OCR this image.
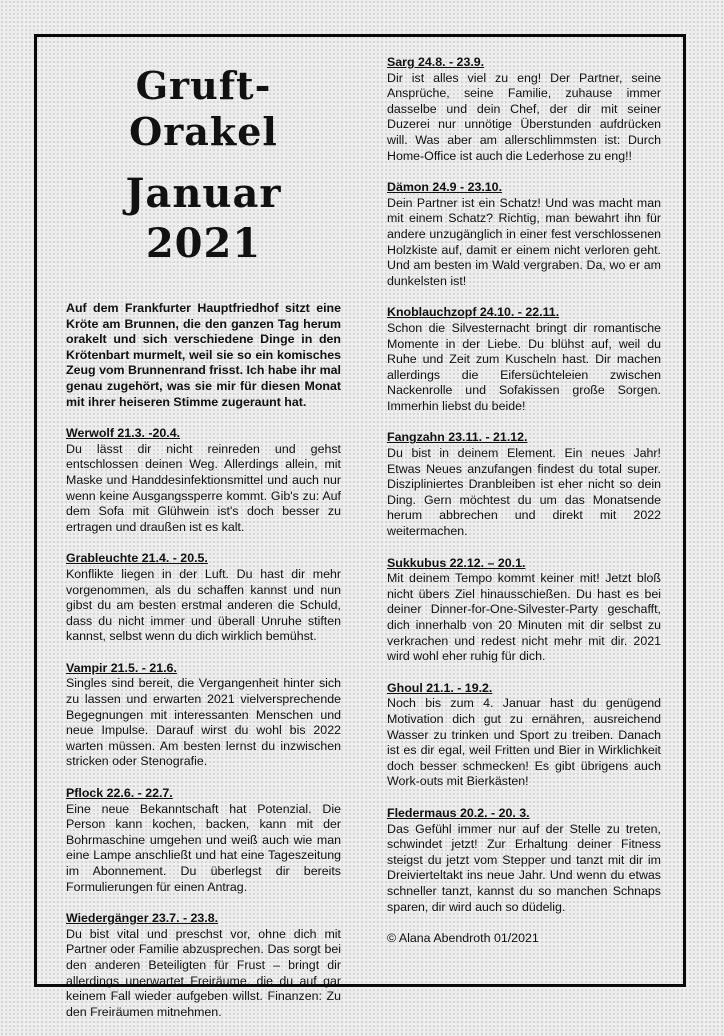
Gruft-Orakel
Januar 2021

Auf dem Frankfurter Hauptfriedhof sitzt eine Kröte am Brunnen, die den ganzen Tag herum orakelt und sich verschiedene Dinge in den Krötenbart murmelt, weil sie so ein komisches Zeug vom Brunnenrand frisst. Ich habe ihr mal genau zugehört, was sie mir für diesen Monat mit ihrer heiseren Stimme zugeraunt hat.

Werwolf 21.3. -20.4.

Du lässt dir nicht reinreden und gehst entschlossen deinen Weg. Allerdings allein, mit Maske und Handdesinfektionsmittel und auch nur wenn keine Ausgangssperre kommt. Gib's zu: Auf dem Sofa mit Glühwein ist's doch besser zu ertragen und draußen ist es kalt.

Grableuchte 21.4. - 20.5.

Konflikte liegen in der Luft. Du hast dir mehr vorgenommen, als du schaffen kannst und nun gibst du am besten erstmal anderen die Schuld, dass du nicht immer und überall Unruhe stiften kannst, selbst wenn du dich wirklich bemühst.

Vampir 21.5. - 21.6.

Singles sind bereit, die Vergangenheit hinter sich zu lassen und erwarten 2021 vielversprechende Begegnungen mit interessanten Menschen und neue Impulse. Darauf wirst du wohl bis 2022 warten müssen. Am besten lernst du inzwischen stricken oder Stenografie.

Pflock 22.6. - 22.7.

Eine neue Bekanntschaft hat Potenzial. Die Person kann kochen, backen, kann mit der Bohrmaschine umgehen und weiß auch wie man eine Lampe anschließt und hat eine Tageszeitung im Abonnement. Du überlegst dir bereits Formulierungen für einen Antrag.

Wiedergänger 23.7. - 23.8.

Du bist vital und preschst vor, ohne dich mit Partner oder Familie abzusprechen. Das sorgt bei den anderen Beteiligten für Frust – bringt dir allerdings unerwartet Freiräume, die du auf gar keinem Fall wieder aufgeben willst. Finanzen: Zu den Freiräumen mitnehmen.

Sarg 24.8. - 23.9.

Dir ist alles viel zu eng! Der Partner, seine Ansprüche, seine Familie, zuhause immer dasselbe und dein Chef, der dir mit seiner Duzerei nur unnötige Überstunden aufdrücken will. Was aber am allerschlimmsten ist: Durch Home-Office ist auch die Lederhose zu eng!!

Dämon 24.9 - 23.10.

Dein Partner ist ein Schatz! Und was macht man mit einem Schatz? Richtig, man bewahrt ihn für andere unzugänglich in einer fest verschlossenen Holzkiste auf, damit er einem nicht verloren geht. Und am besten im Wald vergraben. Da, wo er am dunkelsten ist!

Knoblauchzopf 24.10. - 22.11.

Schon die Silvesternacht bringt dir romantische Momente in der Liebe. Du blühst auf, weil du Ruhe und Zeit zum Kuscheln hast. Dir machen allerdings die Eifersüchteleien zwischen Nackenrolle und Sofakissen große Sorgen. Immerhin liebst du beide!

Fangzahn 23.11. - 21.12.

Du bist in deinem Element. Ein neues Jahr! Etwas Neues anzufangen findest du total super. Diszipliniertes Dranbleiben ist eher nicht so dein Ding. Gern möchtest du um das Monatsende herum abbrechen und direkt mit 2022 weitermachen.

Sukkubus 22.12. – 20.1.

Mit deinem Tempo kommt keiner mit! Jetzt bloß nicht übers Ziel hinausschießen. Du hast es bei deiner Dinner-for-One-Silvester-Party geschafft, dich innerhalb von 20 Minuten mit dir selbst zu verkrachen und redest nicht mehr mit dir. 2021 wird wohl eher ruhig für dich.

Ghoul 21.1. - 19.2.

Noch bis zum 4. Januar hast du genügend Motivation dich gut zu ernähren, ausreichend Wasser zu trinken und Sport zu treiben. Danach ist es dir egal, weil Fritten und Bier in Wirklichkeit doch besser schmecken! Es gibt übrigens auch Work-outs mit Bierkästen!

Fledermaus 20.2. - 20. 3.

Das Gefühl immer nur auf der Stelle zu treten, schwindet jetzt! Zur Erhaltung deiner Fitness steigst du jetzt vom Stepper und tanzt mit dir im Dreivierteltakt ins neue Jahr. Und wenn du etwas schneller tanzt, kannst du so manchen Schnaps sparen, dir wird auch so düdelig.

© Alana Abendroth 01/2021
